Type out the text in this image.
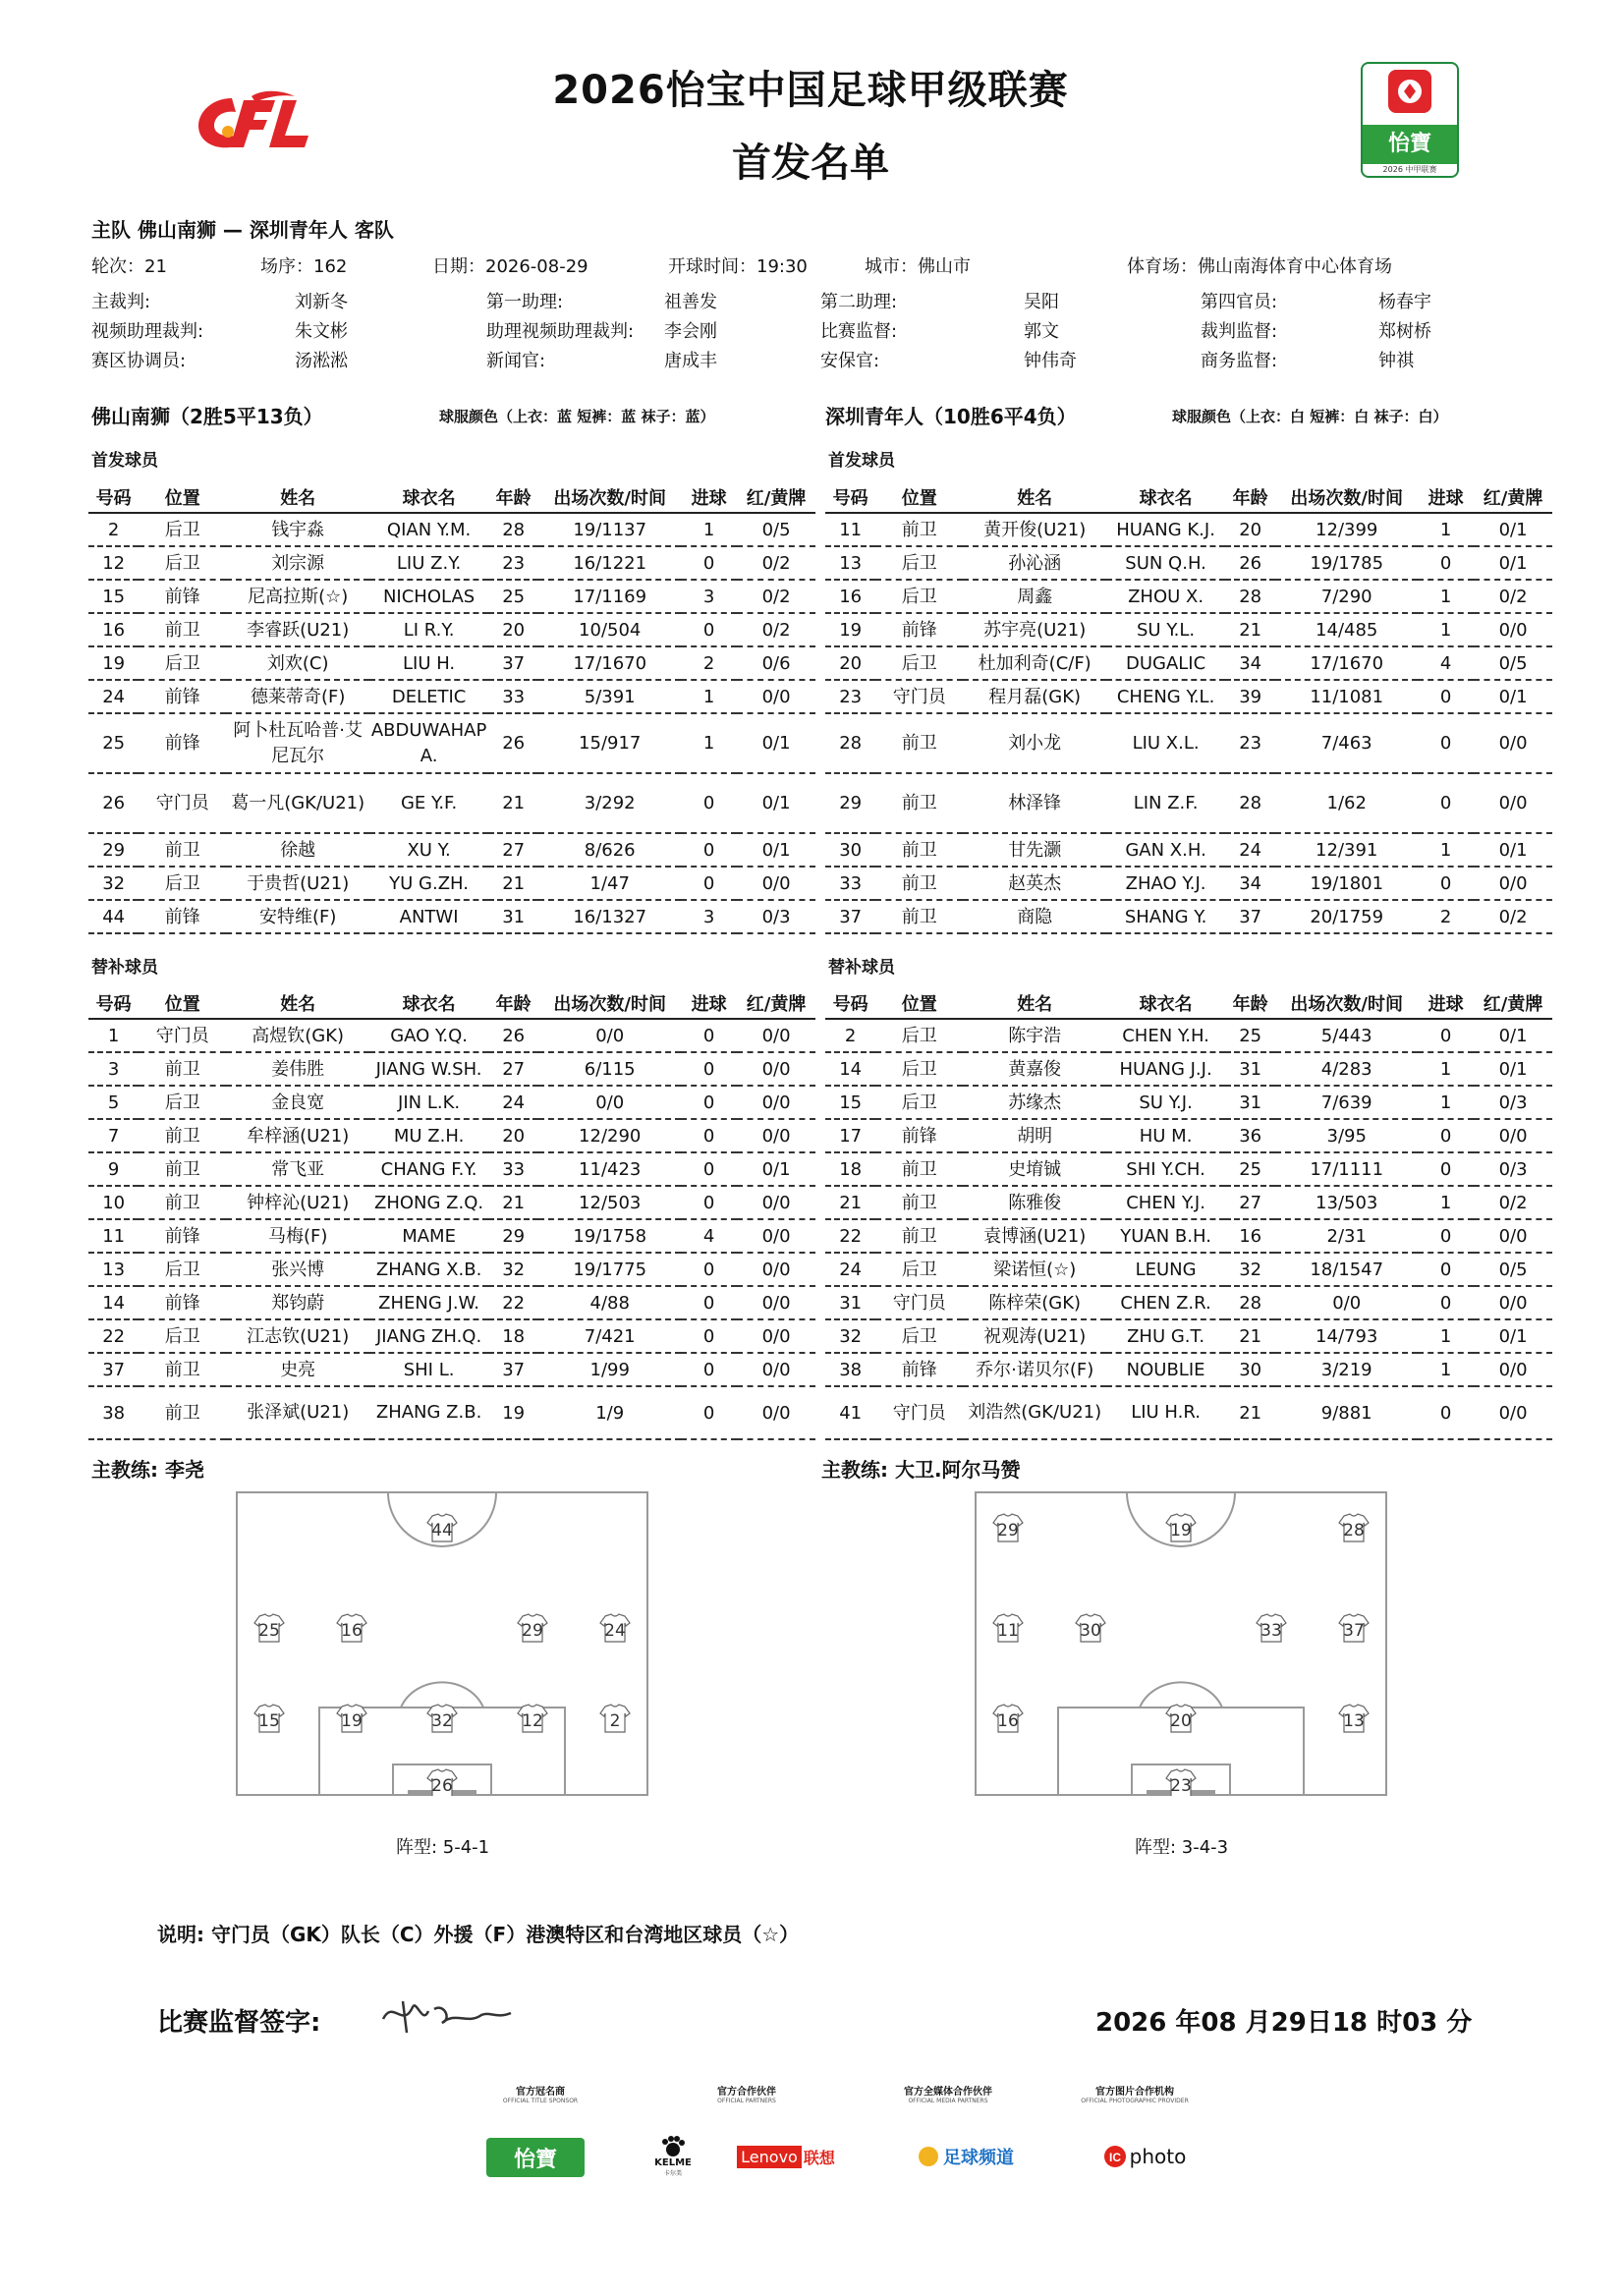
2026怡宝中国足球甲级联赛
首发名单	怡寶
2026 中甲联赛
主队 佛山南狮 — 深圳青年人 客队
轮次：21	场序：162	日期：2026-08-29	开球时间：19:30	城市：佛山市	体育场：佛山南海体育中心体育场
主裁判:	刘新冬	第一助理:	祖善发	第二助理:	吴阳	第四官员:	杨春宇
视频助理裁判:	朱文彬	助理视频助理裁判: 李会刚	比赛监督:	郭文	裁判监督:	郑树桥
赛区协调员:	汤淞淞	新闻官:	唐成丰	安保官:	钟伟奇	商务监督:	钟祺
佛山南狮（2胜5平13负）	球服颜色（上衣：蓝 短裤：蓝 袜子：蓝）	深圳青年人（10胜6平4负）	球服颜色（上衣：白 短裤：白 袜子：白）
首发球员	首发球员
替补球员	替补球员
号码	位置	姓名	球衣名	年龄	出场次数/时间	进球	红/黄牌
2	后卫	钱宇淼	QIAN Y.M.	28	19/1137	1	0/5
12	后卫	刘宗源	LIU Z.Y.	23	16/1221	0	0/2
15	前锋	尼高拉斯(☆)	NICHOLAS	25	17/1169	3	0/2
16	前卫	李睿跃(U21)	LI R.Y.	20	10/504	0	0/2
19	后卫	刘欢(C)	LIU H.	37	17/1670	2	0/6
24	前锋	德莱蒂奇(F)	DELETIC	33	5/391	1	0/0
25	前锋	阿卜杜瓦哈普·艾尼瓦尔	ABDUWAHAP A.	26	15/917	1	0/1
26	守门员	葛一凡(GK/U21)	GE Y.F.	21	3/292	0	0/1
29	前卫	徐越	XU Y.	27	8/626	0	0/1
32	后卫	于贵哲(U21)	YU G.ZH.	21	1/47	0	0/0
44	前锋	安特维(F)	ANTWI	31	16/1327	3	0/3
号码	位置	姓名	球衣名	年龄	出场次数/时间	进球	红/黄牌
11	前卫	黄开俊(U21)	HUANG K.J.	20	12/399	1	0/1
13	后卫	孙沁涵	SUN Q.H.	26	19/1785	0	0/1
16	后卫	周鑫	ZHOU X.	28	7/290	1	0/2
19	前锋	苏宇亮(U21)	SU Y.L.	21	14/485	1	0/0
20	后卫	杜加利奇(C/F)	DUGALIC	34	17/1670	4	0/5
23	守门员	程月磊(GK)	CHENG Y.L.	39	11/1081	0	0/1
28	前卫	刘小龙	LIU X.L.	23	7/463	0	0/0
29	前卫	林泽锋	LIN Z.F.	28	1/62	0	0/0
30	前卫	甘先灏	GAN X.H.	24	12/391	1	0/1
33	前卫	赵英杰	ZHAO Y.J.	34	19/1801	0	0/0
37	前卫	商隐	SHANG Y.	37	20/1759	2	0/2
号码	位置	姓名	球衣名	年龄	出场次数/时间	进球	红/黄牌
1	守门员	高煜钦(GK)	GAO Y.Q.	26	0/0	0	0/0
3	前卫	姜伟胜	JIANG W.SH.	27	6/115	0	0/0
5	后卫	金良宽	JIN L.K.	24	0/0	0	0/0
7	前卫	牟梓涵(U21)	MU Z.H.	20	12/290	0	0/0
9	前卫	常飞亚	CHANG F.Y.	33	11/423	0	0/1
10	前卫	钟梓沁(U21)	ZHONG Z.Q.	21	12/503	0	0/0
11	前锋	马梅(F)	MAME	29	19/1758	4	0/0
13	后卫	张兴博	ZHANG X.B.	32	19/1775	0	0/0
14	前锋	郑钧蔚	ZHENG J.W.	22	4/88	0	0/0
22	后卫	江志钦(U21)	JIANG ZH.Q.	18	7/421	0	0/0
37	前卫	史亮	SHI L.	37	1/99	0	0/0
38	前卫	张泽斌(U21)	ZHANG Z.B.	19	1/9	0	0/0
号码	位置	姓名	球衣名	年龄	出场次数/时间	进球	红/黄牌
2	后卫	陈宇浩	CHEN Y.H.	25	5/443	0	0/1
14	后卫	黄嘉俊	HUANG J.J.	31	4/283	1	0/1
15	后卫	苏缘杰	SU Y.J.	31	7/639	1	0/3
17	前锋	胡明	HU M.	36	3/95	0	0/0
18	前卫	史堉铖	SHI Y.CH.	25	17/1111	0	0/3
21	前卫	陈雅俊	CHEN Y.J.	27	13/503	1	0/2
22	前卫	袁博涵(U21)	YUAN B.H.	16	2/31	0	0/0
24	后卫	梁诺恒(☆)	LEUNG	32	18/1547	0	0/5
31	守门员	陈梓荣(GK)	CHEN Z.R.	28	0/0	0	0/0
32	后卫	祝观涛(U21)	ZHU G.T.	21	14/793	1	0/1
38	前锋	乔尔·诺贝尔(F)	NOUBLIE	30	3/219	1	0/0
41	守门员	刘浩然(GK/U21)	LIU H.R.	21	9/881	0	0/0
主教练: 李尧	主教练: 大卫.阿尔马赞
44
25	16	29	24
15	19	32	12	2
26
29	19	28
11	30	33	37
16	20	13
23
阵型: 5-4-1	阵型: 3-4-3
说明: 守门员（GK）队长（C）外援（F）港澳特区和台湾地区球员（☆）
比赛监督签字:	2026 年08 月29日18 时03 分
官方冠名商
OFFICIAL TITLE SPONSOR
官方合作伙伴
OFFICIAL PARTNERS
官方全媒体合作伙伴
OFFICIAL MEDIA PARTNERS
官方图片合作机构
OFFICIAL PHOTOGRAPHIC PROVIDER
怡寶	KELME
卡尔美
Lenovo 联想	足球频道	IC photo
